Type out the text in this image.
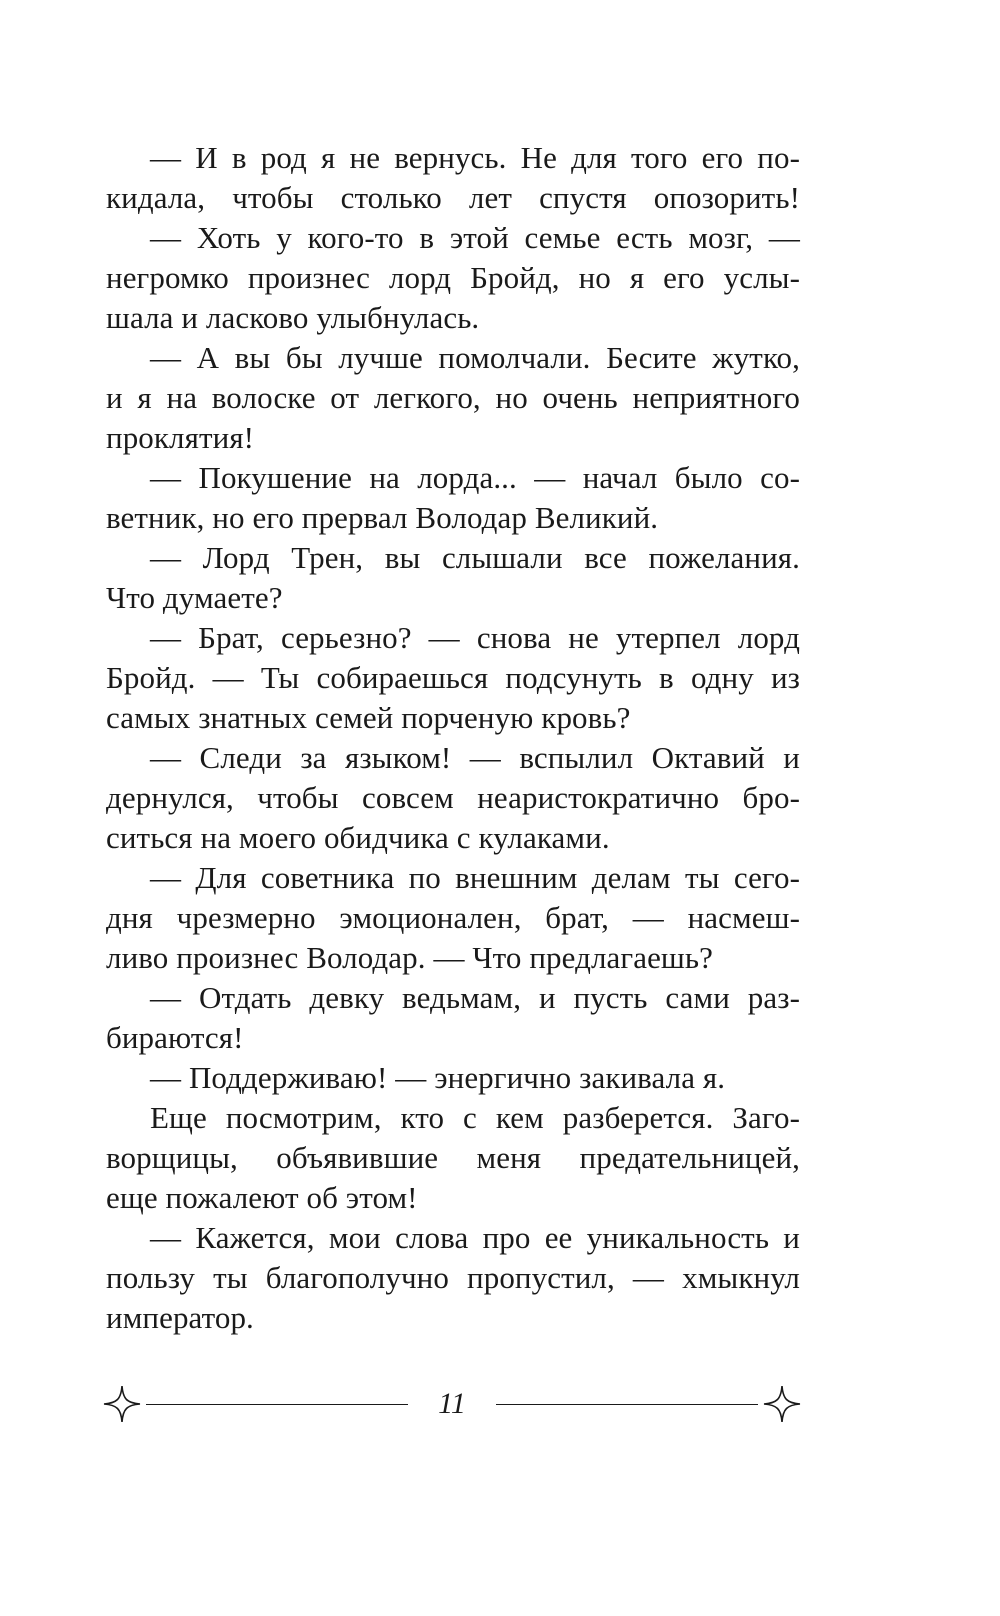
— И в род я не вернусь. Не для того его по-
кидала, чтобы столько лет спустя опозорить!
— Хоть у кого-то в этой семье есть мозг, —
негромко произнес лорд Бройд, но я его услы-
шала и ласково улыбнулась.
— А вы бы лучше помолчали. Бесите жутко,
и я на волоске от легкого, но очень неприятного
проклятия!
— Покушение на лорда... — начал было со-
ветник, но его прервал Володар Великий.
— Лорд Трен, вы слышали все пожелания.
Что думаете?
— Брат, серьезно? — снова не утерпел лорд
Бройд. — Ты собираешься подсунуть в одну из
самых знатных семей порченую кровь?
— Следи за языком! — вспылил Октавий и
дернулся, чтобы совсем неаристократично бро-
ситься на моего обидчика с кулаками.
— Для советника по внешним делам ты сего-
дня чрезмерно эмоционален, брат, — насмеш-
ливо произнес Володар. — Что предлагаешь?
— Отдать девку ведьмам, и пусть сами раз-
бираются!
— Поддерживаю! — энергично закивала я.
Еще посмотрим, кто с кем разберется. Заго-
ворщицы, объявившие меня предательницей,
еще пожалеют об этом!
— Кажется, мои слова про ее уникальность и
пользу ты благополучно пропустил, — хмыкнул
император.
11
